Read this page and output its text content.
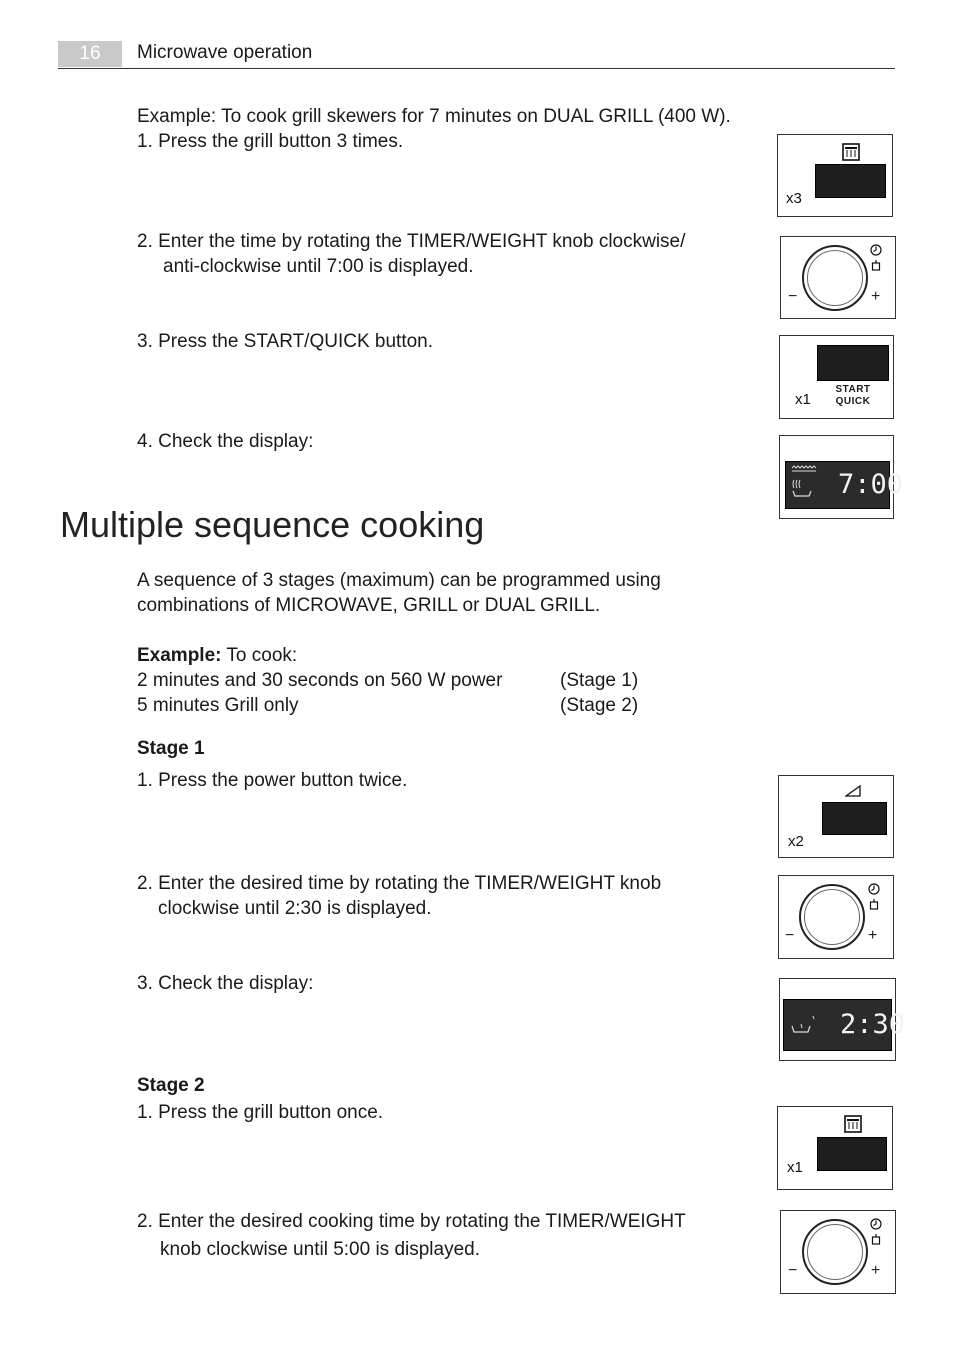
16	Microwave operation
Example: To cook grill skewers for 7 minutes on DUAL GRILL (400 W).
1. Press the grill button 3 times.
2. Enter the time by rotating the TIMER/WEIGHT knob clockwise/
anti-clockwise until 7:00 is displayed.
3. Press the START/QUICK button.
4. Check the display:
Multiple sequence cooking
A sequence of 3 stages (maximum) can be programmed using
combinations of MICROWAVE, GRILL or DUAL GRILL.
Example: To cook:
2 minutes and 30 seconds on 560 W power	(Stage 1)
5 minutes Grill only	(Stage 2)
Stage 1
1. Press the power button twice.
2. Enter the desired time by rotating the TIMER/WEIGHT knob
clockwise until 2:30 is displayed.
3. Check the display:
Stage 2
1. Press the grill button once.
2. Enter the desired cooking time by rotating the TIMER/WEIGHT
knob clockwise until 5:00 is displayed.
x3
−	+
x1
START
QUICK
7:00
x2
−	+
2:30
x1
−	+
